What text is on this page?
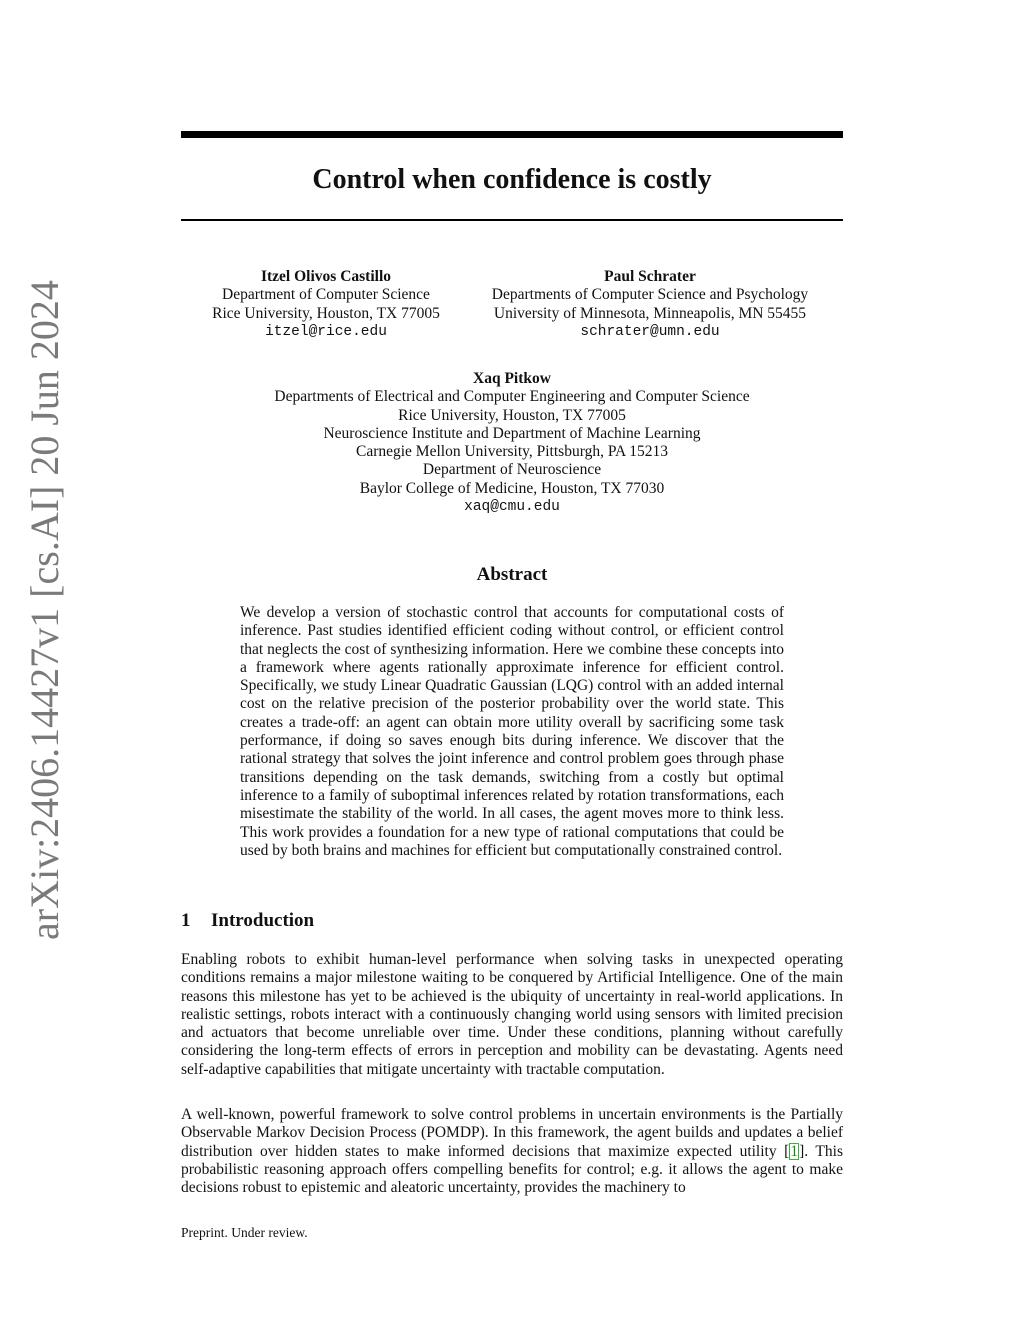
arXiv:2406.14427v1 [cs.AI] 20 Jun 2024
Control when confidence is costly
Itzel Olivos Castillo
Department of Computer Science
Rice University, Houston, TX 77005
itzel@rice.edu
Paul Schrater
Departments of Computer Science and Psychology
University of Minnesota, Minneapolis, MN 55455
schrater@umn.edu
Xaq Pitkow
Departments of Electrical and Computer Engineering and Computer Science
Rice University, Houston, TX 77005
Neuroscience Institute and Department of Machine Learning
Carnegie Mellon University, Pittsburgh, PA 15213
Department of Neuroscience
Baylor College of Medicine, Houston, TX 77030
xaq@cmu.edu
Abstract

We develop a version of stochastic control that accounts for computational costs of inference. Past studies identified efficient coding without control, or efficient control that neglects the cost of synthesizing information. Here we combine these concepts into a framework where agents rationally approximate inference for efficient control. Specifically, we study Linear Quadratic Gaussian (LQG) control with an added internal cost on the relative precision of the posterior probability over the world state. This creates a trade-off: an agent can obtain more utility overall by sacrificing some task performance, if doing so saves enough bits during inference. We discover that the rational strategy that solves the joint inference and control problem goes through phase transitions depending on the task demands, switching from a costly but optimal inference to a family of suboptimal inferences related by rotation transformations, each misestimate the stability of the world. In all cases, the agent moves more to think less. This work provides a foundation for a new type of rational computations that could be used by both brains and machines for efficient but computationally constrained control.

1 Introduction

Enabling robots to exhibit human-level performance when solving tasks in unexpected operating conditions remains a major milestone waiting to be conquered by Artificial Intelligence. One of the main reasons this milestone has yet to be achieved is the ubiquity of uncertainty in real-world applications. In realistic settings, robots interact with a continuously changing world using sensors with limited precision and actuators that become unreliable over time. Under these conditions, planning without carefully considering the long-term effects of errors in perception and mobility can be devastating. Agents need self-adaptive capabilities that mitigate uncertainty with tractable computation.

A well-known, powerful framework to solve control problems in uncertain environments is the Partially Observable Markov Decision Process (POMDP). In this framework, the agent builds and updates a belief distribution over hidden states to make informed decisions that maximize expected utility [1]. This probabilistic reasoning approach offers compelling benefits for control; e.g. it allows the agent to make decisions robust to epistemic and aleatoric uncertainty, provides the machinery to

Preprint. Under review.
